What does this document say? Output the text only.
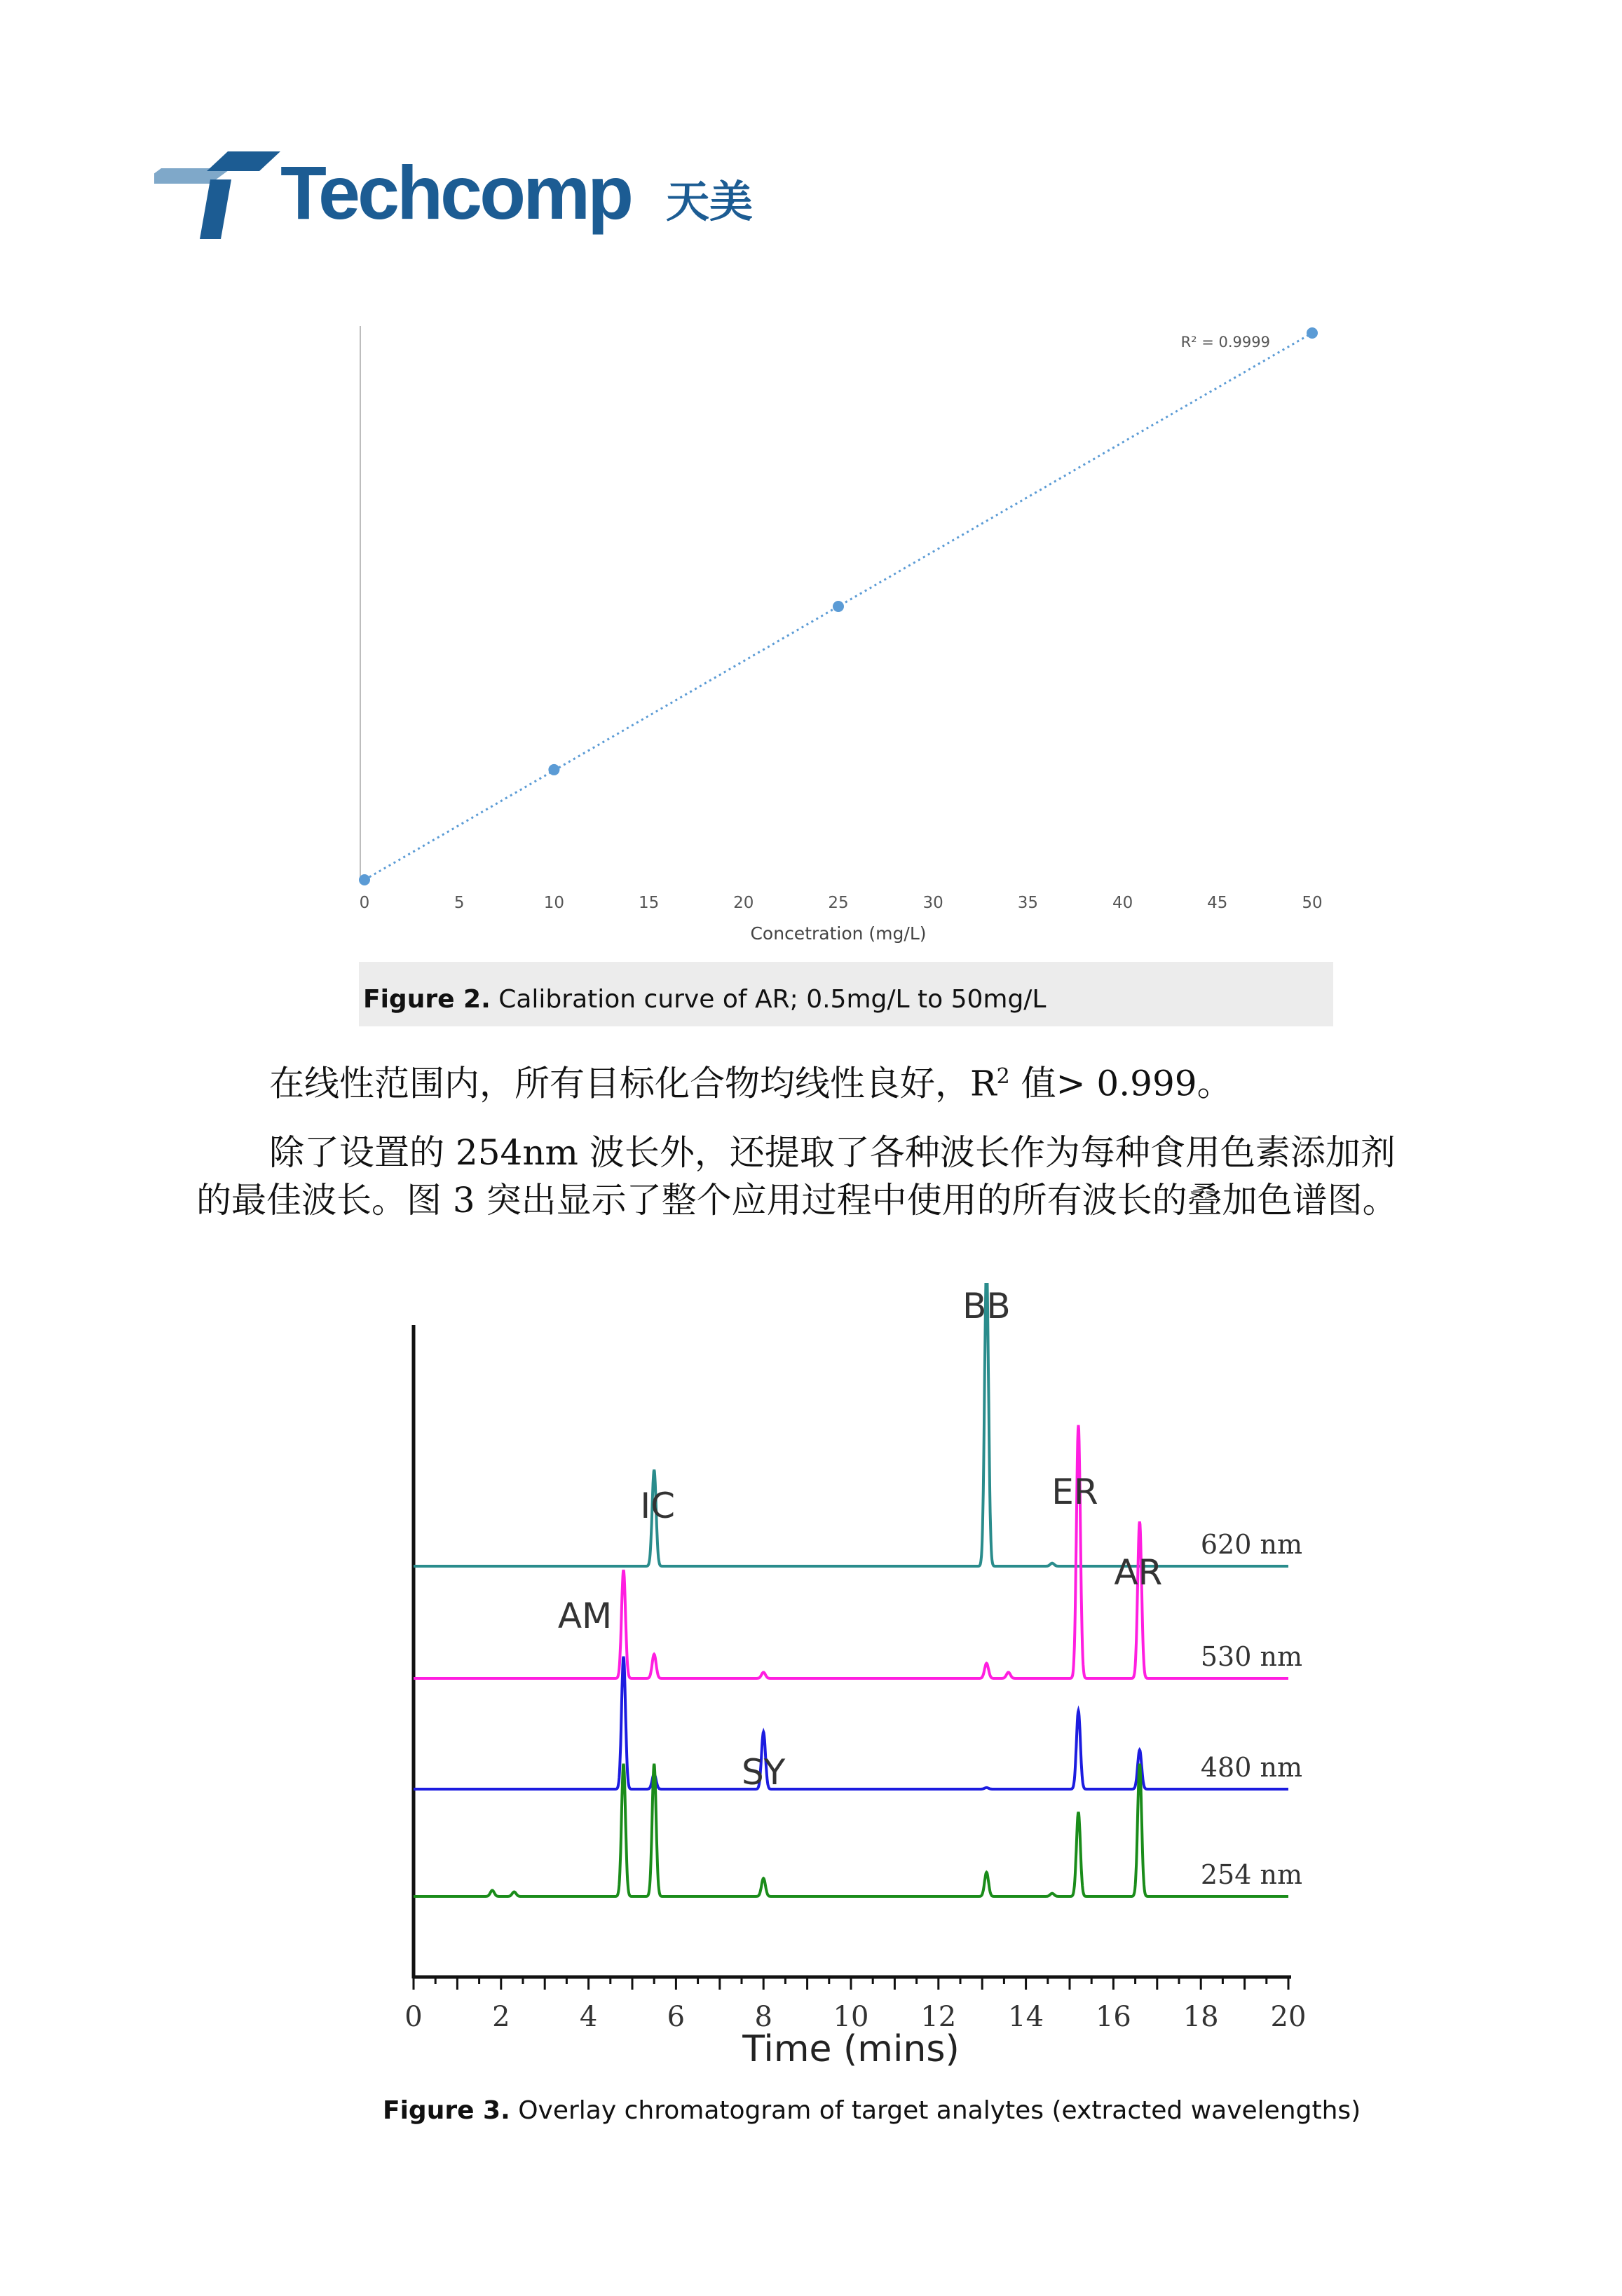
Techcomp 天美
0	5	10	15	20	25	30	35	40	45	50
Concetration (mg/L)
R² = 0.9999
Figure 2. Calibration curve of AR; 0.5mg/L to 50mg/L
在线性范围内，所有目标化合物均线性良好，$R^2$ 值> 0.999。
除了设置的 254nm 波长外，还提取了各种波长作为每种食用色素添加剂的最佳波长。图 3 突出显示了整个应用过程中使用的所有波长的叠加色谱图。
0 2 4 6 8 10 12 14 16 18 20
Time (mins)
620 nm
530 nm
480 nm
254 nm
BB
IC	ER
AR
AM
SY
Figure 3. Overlay chromatogram of target analytes (extracted wavelengths)
